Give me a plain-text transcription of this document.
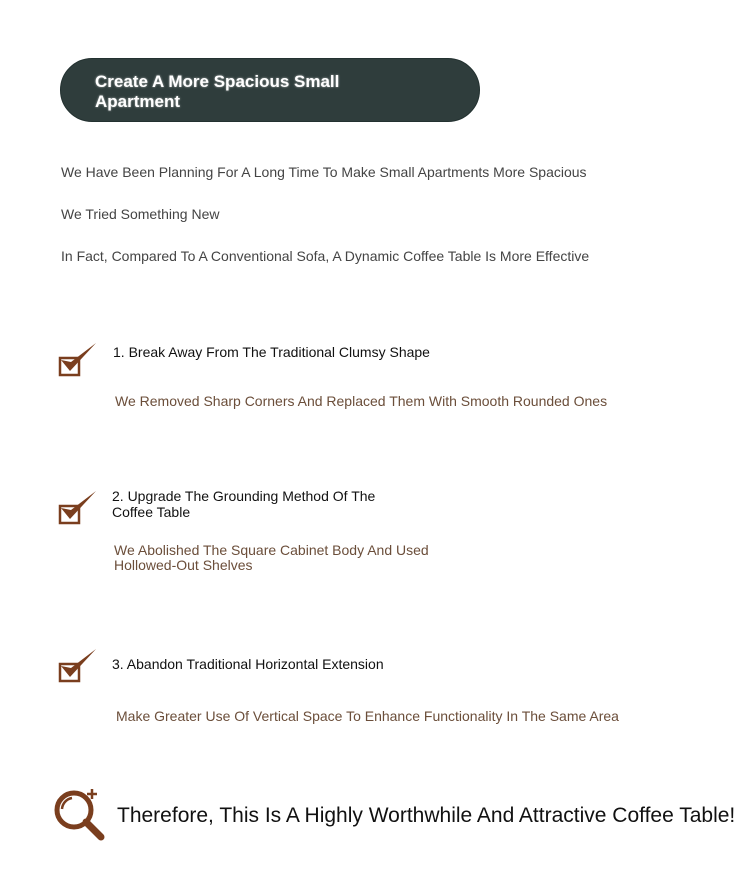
Create A More Spacious Small Apartment
We Have Been Planning For A Long Time To Make Small Apartments More Spacious
We Tried Something New
In Fact, Compared To A Conventional Sofa, A Dynamic Coffee Table Is More Effective
1. Break Away From The Traditional Clumsy Shape
We Removed Sharp Corners And Replaced Them With Smooth Rounded Ones
2. Upgrade The Grounding Method Of The Coffee Table
We Abolished The Square Cabinet Body And Used Hollowed-Out Shelves
3. Abandon Traditional Horizontal Extension
Make Greater Use Of Vertical Space To Enhance Functionality In The Same Area
Therefore, This Is A Highly Worthwhile And Attractive Coffee Table!
